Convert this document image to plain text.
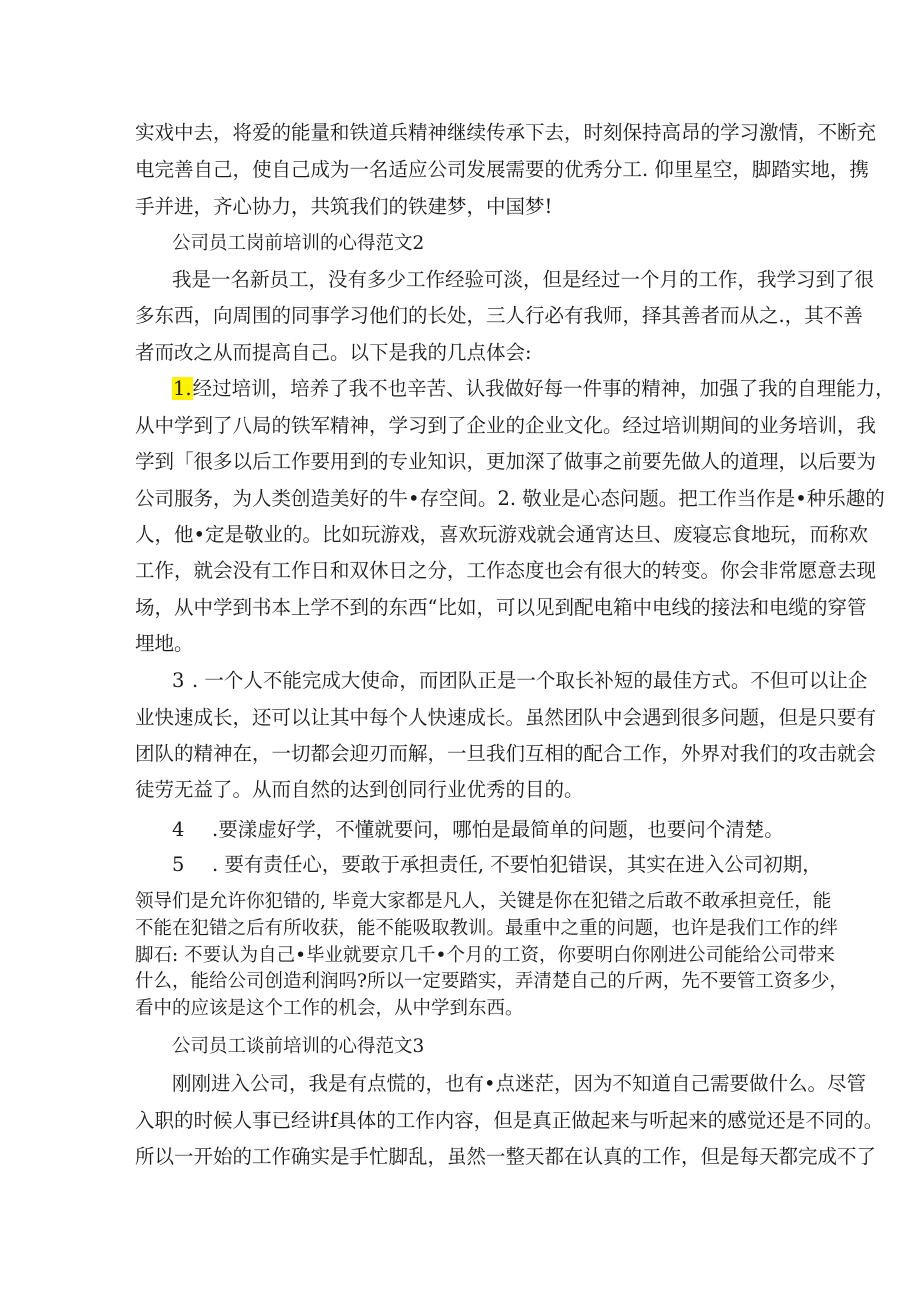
实戏中去，将爱的能量和铁道兵精神继续传承下去，时刻保持高昂的学习激情，不断充
电完善自己，使自己成为一名适应公司发展需要的优秀分工. 仰里星空，脚踏实地，携
手并进，齐心协力，共筑我们的铁建梦，中国梦!
公司员工岗前培训的心得范文2
我是一名新员工，没有多少工作经验可淡，但是经过一个月的工作，我学习到了很
多东西，向周围的同事学习他们的长处，三人行必有我师，择其善者而从之.，其不善
者而改之从而提高自己。以下是我的几点体会:
1.经过培训，培养了我不也辛苦、认我做好每一件事的精神，加强了我的自理能力，
从中学到了八局的铁军精神，学习到了企业的企业文化。经过培训期间的业务培训，我
学到「很多以后工作要用到的专业知识，更加深了做事之前要先做人的道理，以后要为
公司服务，为人类创造美好的牛•存空间。2. 敬业是心态问题。把工作当作是•种乐趣的
人，他•定是敬业的。比如玩游戏，喜欢玩游戏就会通宵达旦、废寝忘食地玩，而称欢
工作，就会没有工作日和双休日之分，工作态度也会有很大的转变。你会非常愿意去现
场，从中学到书本上学不到的东西“比如，可以见到配电箱中电线的接法和电缆的穿管
埋地。
3 . 一个人不能完成大使命，而团队正是一个取长补短的最佳方式。不但可以让企
业快速成长，还可以让其中每个人快速成长。虽然团队中会遇到很多问题，但是只要有
团队的精神在，一切都会迎刃而解，一旦我们互相的配合工作，外界对我们的攻击就会
徒劳无益了。从而自然的达到创同行业优秀的目的。
4 .要漾虚好学，不懂就要问，哪怕是最简单的问题，也要问个清楚。
5 . 要有责任心，要敢于承担责任, 不要怕犯错误，其实在进入公司初期，
领导们是允许你犯错的, 毕竟大家都是凡人，关键是你在犯错之后敢不敢承担竞任，能
不能在犯错之后有所收获，能不能吸取教训。最重中之重的问题，也许是我们工作的绊
脚石: 不要认为自己•毕业就要京几千•个月的工资，你要明白你刚进公司能给公司带来
什么，能给公司创造利润吗?所以一定要踏实，弄清楚自己的斤两，先不要管工资多少，
看中的应该是这个工作的机会，从中学到东西。
公司员工谈前培训的心得范文3
刚刚进入公司，我是有点慌的，也有•点迷茫，因为不知道自己需要做什么。尽管
入职的时候人事已经讲f具体的工作内容，但是真正做起来与听起来的感觉还是不同的。
所以一开始的工作确实是手忙脚乱，虽然一整天都在认真的工作，但是每天都完成不了
